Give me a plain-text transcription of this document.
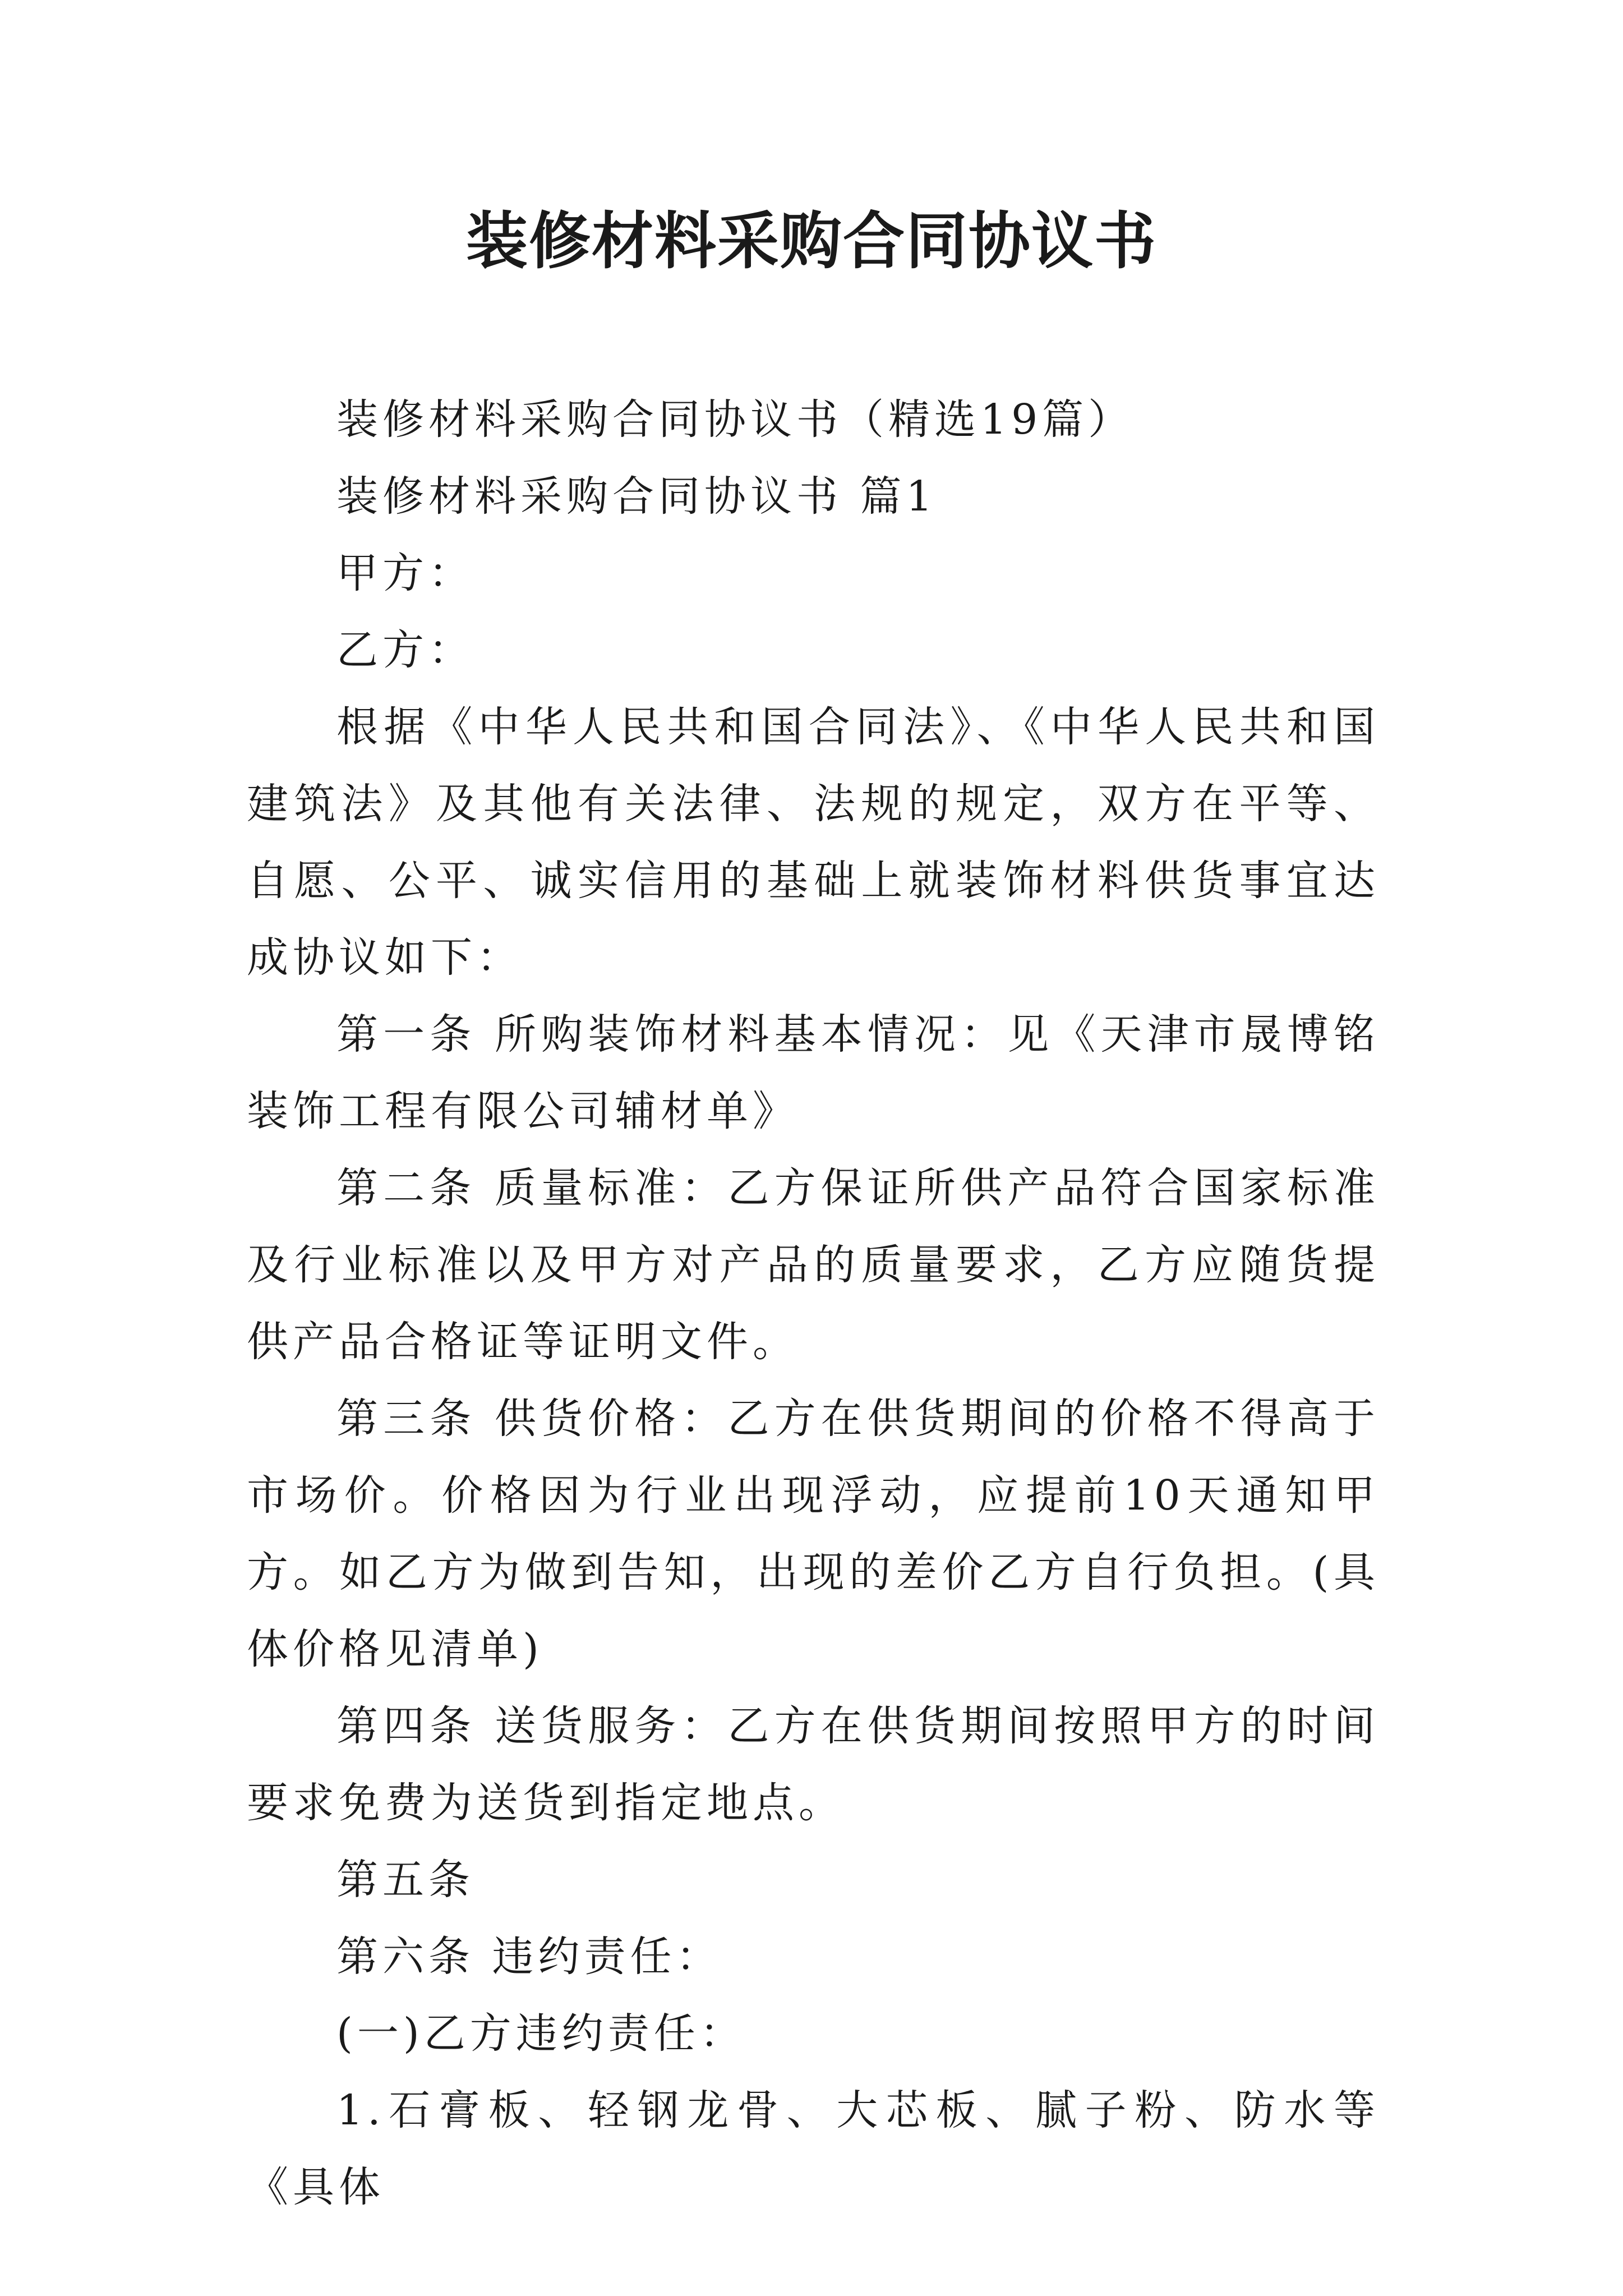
装修材料采购合同协议书

装修材料采购合同协议书（精选19篇）

装修材料采购合同协议书 篇1

甲方：

乙方：

根据《中华人民共和国合同法》、《中华人民共和国建筑法》及其他有关法律、法规的规定，双方在平等、自愿、公平、诚实信用的基础上就装饰材料供货事宜达成协议如下：

第一条 所购装饰材料基本情况：见《天津市晟博铭装饰工程有限公司辅材单》

第二条 质量标准：乙方保证所供产品符合国家标准及行业标准以及甲方对产品的质量要求，乙方应随货提供产品合格证等证明文件。

第三条 供货价格：乙方在供货期间的价格不得高于市场价。价格因为行业出现浮动，应提前10天通知甲方。如乙方为做到告知，出现的差价乙方自行负担。(具体价格见清单)

第四条 送货服务：乙方在供货期间按照甲方的时间要求免费为送货到指定地点。

第五条

第六条 违约责任：

(一)乙方违约责任：

1.石膏板、轻钢龙骨、大芯板、腻子粉、防水等《具体
